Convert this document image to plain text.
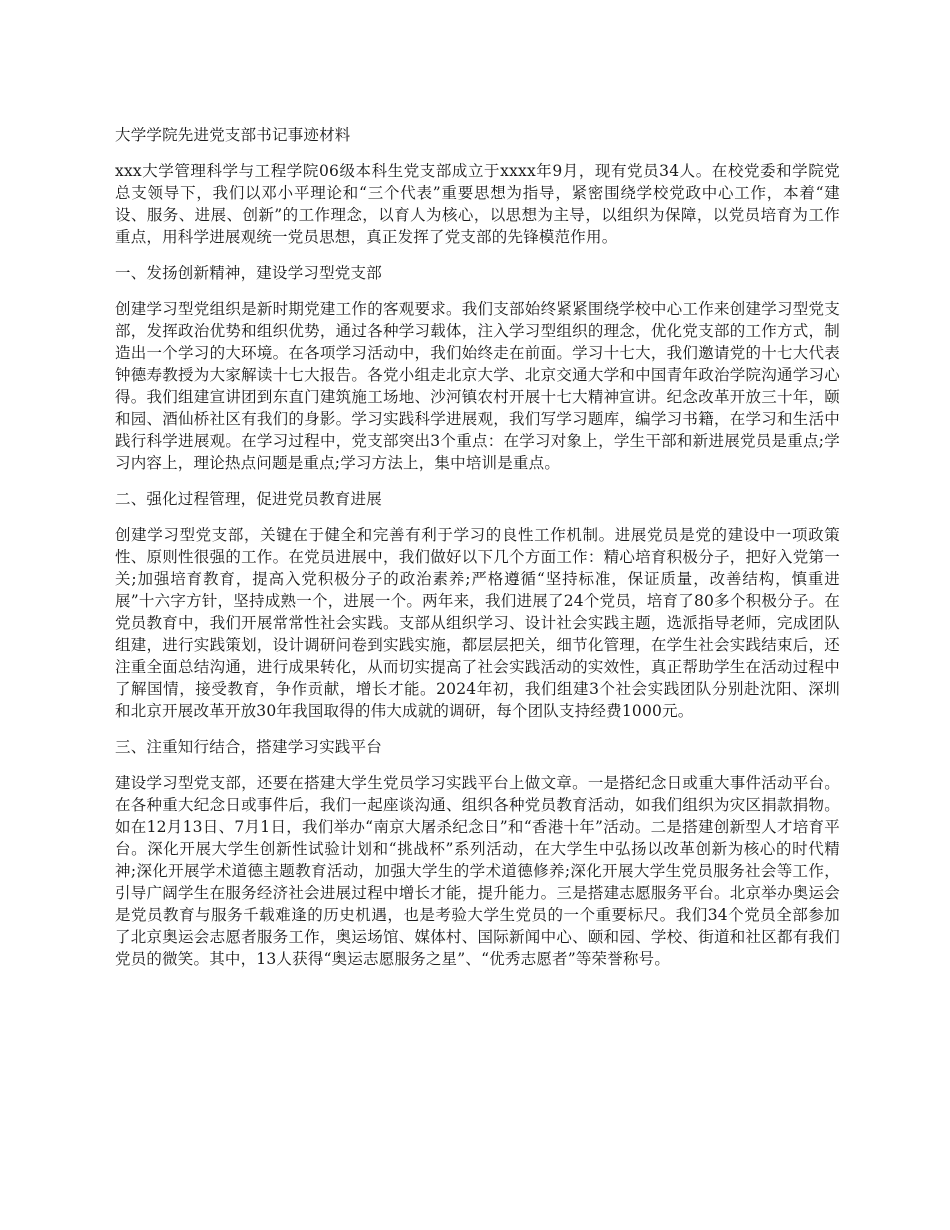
大学学院先进党支部书记事迹材料

xxx大学管理科学与工程学院06级本科生党支部成立于xxxx年9月，现有党员34人。在校党委和学院党总支领导下，我们以邓小平理论和“三个代表”重要思想为指导，紧密围绕学校党政中心工作，本着“建设、服务、进展、创新”的工作理念，以育人为核心，以思想为主导，以组织为保障，以党员培育为工作重点，用科学进展观统一党员思想，真正发挥了党支部的先锋模范作用。

一、发扬创新精神，建设学习型党支部

创建学习型党组织是新时期党建工作的客观要求。我们支部始终紧紧围绕学校中心工作来创建学习型党支部，发挥政治优势和组织优势，通过各种学习载体，注入学习型组织的理念，优化党支部的工作方式，制造出一个学习的大环境。在各项学习活动中，我们始终走在前面。学习十七大，我们邀请党的十七大代表钟德寿教授为大家解读十七大报告。各党小组走北京大学、北京交通大学和中国青年政治学院沟通学习心得。我们组建宣讲团到东直门建筑施工场地、沙河镇农村开展十七大精神宣讲。纪念改革开放三十年，颐和园、酒仙桥社区有我们的身影。学习实践科学进展观，我们写学习题库，编学习书籍，在学习和生活中践行科学进展观。在学习过程中，党支部突出3个重点：在学习对象上，学生干部和新进展党员是重点;学习内容上，理论热点问题是重点;学习方法上，集中培训是重点。

二、强化过程管理，促进党员教育进展

创建学习型党支部，关键在于健全和完善有利于学习的良性工作机制。进展党员是党的建设中一项政策性、原则性很强的工作。在党员进展中，我们做好以下几个方面工作：精心培育积极分子，把好入党第一关;加强培育教育，提高入党积极分子的政治素养;严格遵循“坚持标准，保证质量，改善结构，慎重进展”十六字方针，坚持成熟一个，进展一个。两年来，我们进展了24个党员，培育了80多个积极分子。在党员教育中，我们开展常常性社会实践。支部从组织学习、设计社会实践主题，选派指导老师，完成团队组建，进行实践策划，设计调研问卷到实践实施，都层层把关，细节化管理，在学生社会实践结束后，还注重全面总结沟通，进行成果转化，从而切实提高了社会实践活动的实效性，真正帮助学生在活动过程中了解国情，接受教育，争作贡献，增长才能。2024年初，我们组建3个社会实践团队分别赴沈阳、深圳和北京开展改革开放30年我国取得的伟大成就的调研，每个团队支持经费1000元。

三、注重知行结合，搭建学习实践平台

建设学习型党支部，还要在搭建大学生党员学习实践平台上做文章。一是搭纪念日或重大事件活动平台。在各种重大纪念日或事件后，我们一起座谈沟通、组织各种党员教育活动，如我们组织为灾区捐款捐物。如在12月13日、7月1日，我们举办“南京大屠杀纪念日”和“香港十年”活动。二是搭建创新型人才培育平台。深化开展大学生创新性试验计划和“挑战杯”系列活动，在大学生中弘扬以改革创新为核心的时代精神;深化开展学术道德主题教育活动，加强大学生的学术道德修养;深化开展大学生党员服务社会等工作，引导广阔学生在服务经济社会进展过程中增长才能，提升能力。三是搭建志愿服务平台。北京举办奥运会是党员教育与服务千载难逢的历史机遇，也是考验大学生党员的一个重要标尺。我们34个党员全部参加了北京奥运会志愿者服务工作，奥运场馆、媒体村、国际新闻中心、颐和园、学校、街道和社区都有我们党员的微笑。其中，13人获得“奥运志愿服务之星”、“优秀志愿者”等荣誉称号。
